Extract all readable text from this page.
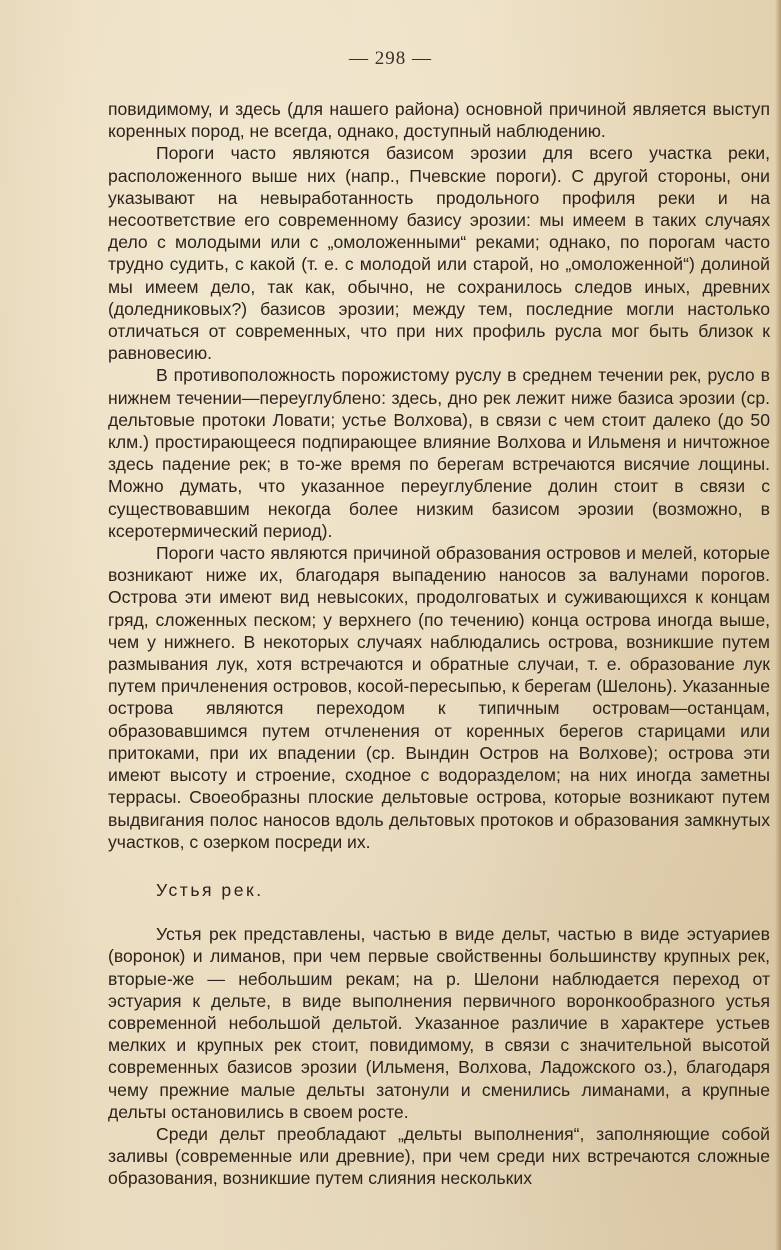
— 298 —

повидимому, и здесь (для нашего района) основной причиной является выступ коренных пород, не всегда, однако, доступный наблюдению.

Пороги часто являются базисом эрозии для всего участка реки, расположенного выше них (напр., Пчевские пороги). С другой стороны, они указывают на невыработанность продольного профиля реки и на несоответствие его современному базису эрозии: мы имеем в таких случаях дело с молодыми или с „омоложенными“ реками; однако, по порогам часто трудно судить, с какой (т. е. с молодой или старой, но „омоложенной“) долиной мы имеем дело, так как, обычно, не сохранилось следов иных, древних (доледниковых?) базисов эрозии; между тем, последние могли настолько отличаться от современных, что при них профиль русла мог быть близок к равновесию.

В противоположность порожистому руслу в среднем течении рек, русло в нижнем течении—переуглублено: здесь, дно рек лежит ниже базиса эрозии (ср. дельтовые протоки Ловати; устье Волхова), в связи с чем стоит далеко (до 50 клм.) простирающееся подпирающее влияние Волхова и Ильменя и ничтожное здесь падение рек; в то-же время по берегам встречаются висячие лощины. Можно думать, что указанное переуглубление долин стоит в связи с существовавшим некогда более низким базисом эрозии (возможно, в ксеротермический период).

Пороги часто являются причиной образования островов и мелей, которые возникают ниже их, благодаря выпадению наносов за валунами порогов. Острова эти имеют вид невысоких, продолговатых и суживающихся к концам гряд, сложенных песком; у верхнего (по течению) конца острова иногда выше, чем у нижнего. В некоторых случаях наблюдались острова, возникшие путем размывания лук, хотя встречаются и обратные случаи, т. е. образование лук путем причленения островов, косой-пересыпью, к берегам (Шелонь). Указанные острова являются переходом к типичным островам—останцам, образовавшимся путем отчленения от коренных берегов старицами или притоками, при их впадении (ср. Вындин Остров на Волхове); острова эти имеют высоту и строение, сходное с водоразделом; на них иногда заметны террасы. Своеобразны плоские дельтовые острова, которые возникают путем выдвигания полос наносов вдоль дельтовых протоков и образования замкнутых участков, с озерком посреди их.

Устья рек.

Устья рек представлены, частью в виде дельт, частью в виде эстуариев (воронок) и лиманов, при чем первые свойственны большинству крупных рек, вторые-же — небольшим рекам; на р. Шелони наблюдается переход от эстуария к дельте, в виде выполнения первичного воронкообразного устья современной небольшой дельтой. Указанное различие в характере устьев мелких и крупных рек стоит, повидимому, в связи с значительной высотой современных базисов эрозии (Ильменя, Волхова, Ладожского оз.), благодаря чему прежние малые дельты затонули и сменились лиманами, а крупные дельты остановились в своем росте.

Среди дельт преобладают „дельты выполнения“, заполняющие собой заливы (современные или древние), при чем среди них встречаются сложные образования, возникшие путем слияния нескольких
